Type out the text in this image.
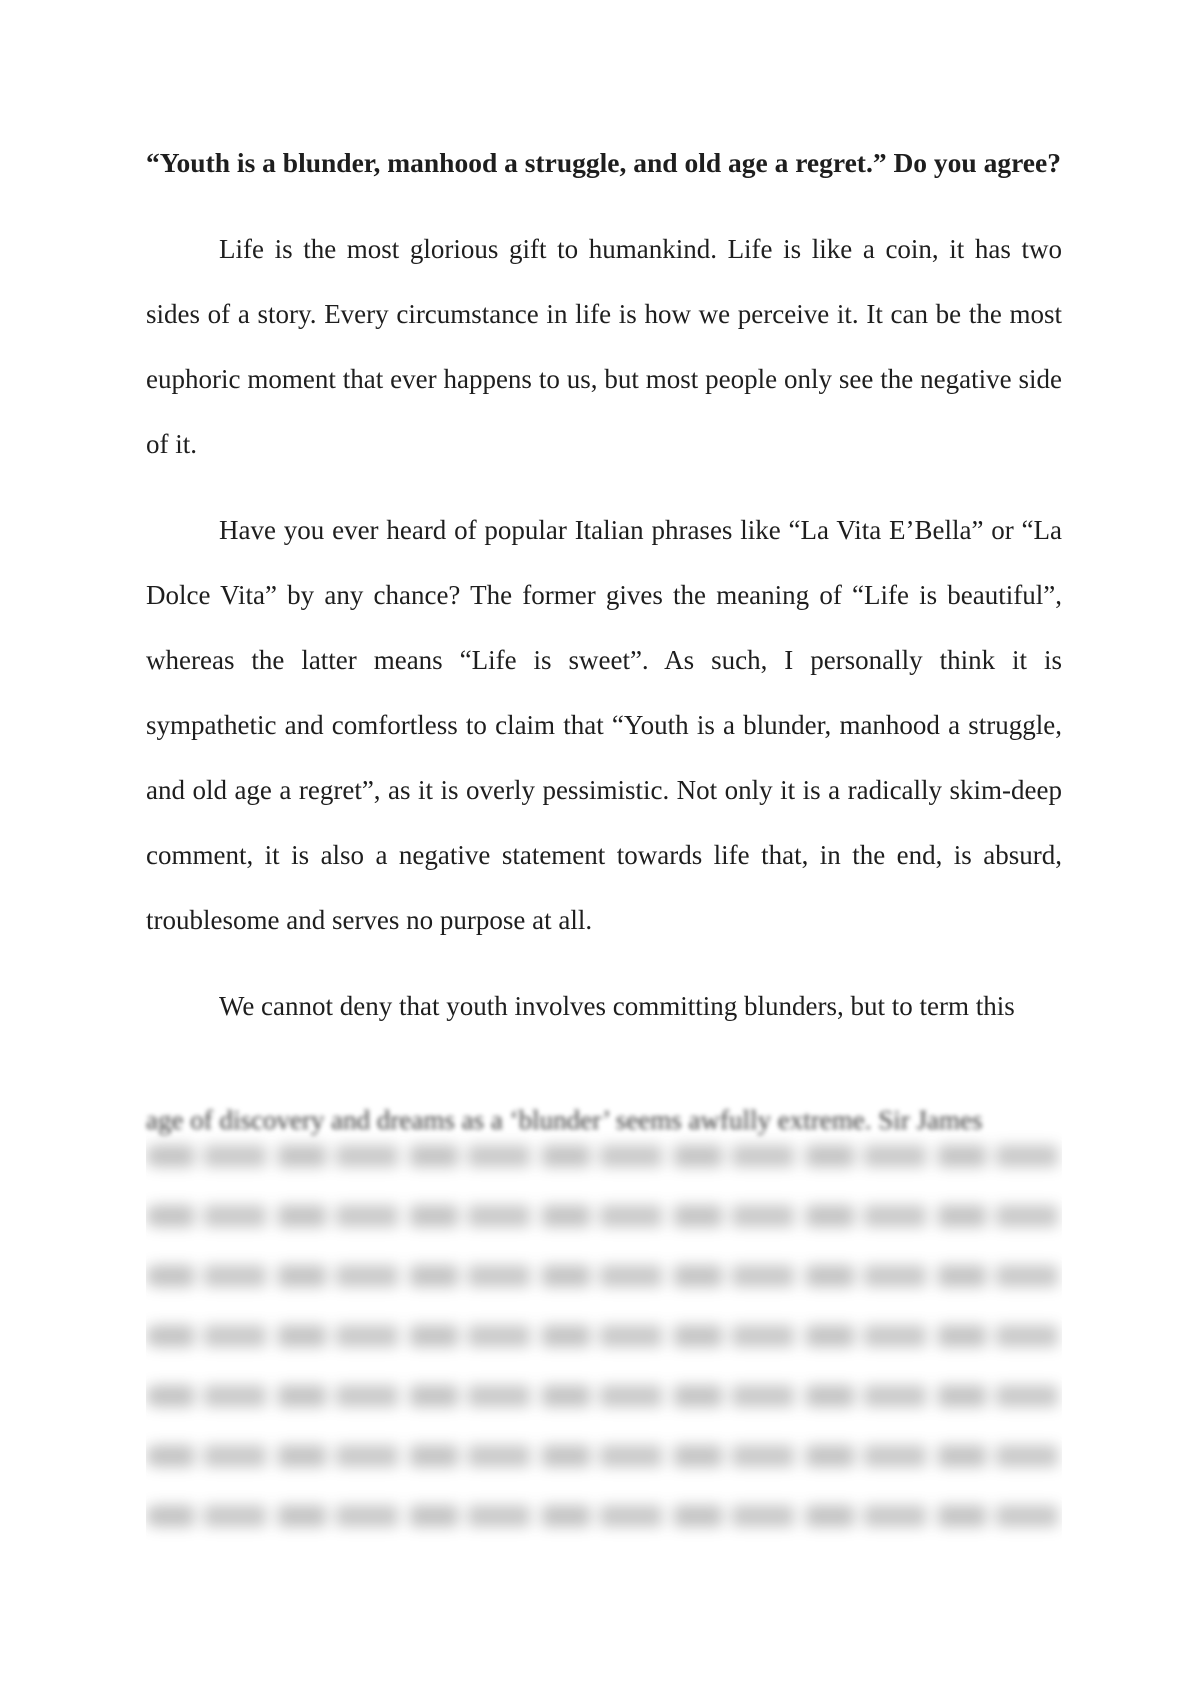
“Youth is a blunder, manhood a struggle, and old age a regret.” Do you agree?

Life is the most glorious gift to humankind. Life is like a coin, it has two sides of a story. Every circumstance in life is how we perceive it. It can be the most euphoric moment that ever happens to us, but most people only see the negative side of it.

Have you ever heard of popular Italian phrases like “La Vita E’Bella” or “La Dolce Vita” by any chance? The former gives the meaning of “Life is beautiful”, whereas the latter means “Life is sweet”. As such, I personally think it is sympathetic and comfortless to claim that “Youth is a blunder, manhood a struggle, and old age a regret”, as it is overly pessimistic. Not only it is a radically skim-deep comment, it is also a negative statement towards life that, in the end, is absurd, troublesome and serves no purpose at all.

We cannot deny that youth involves committing blunders, but to term this

age of discovery and dreams as a ‘blunder’ seems awfully extreme. Sir James
